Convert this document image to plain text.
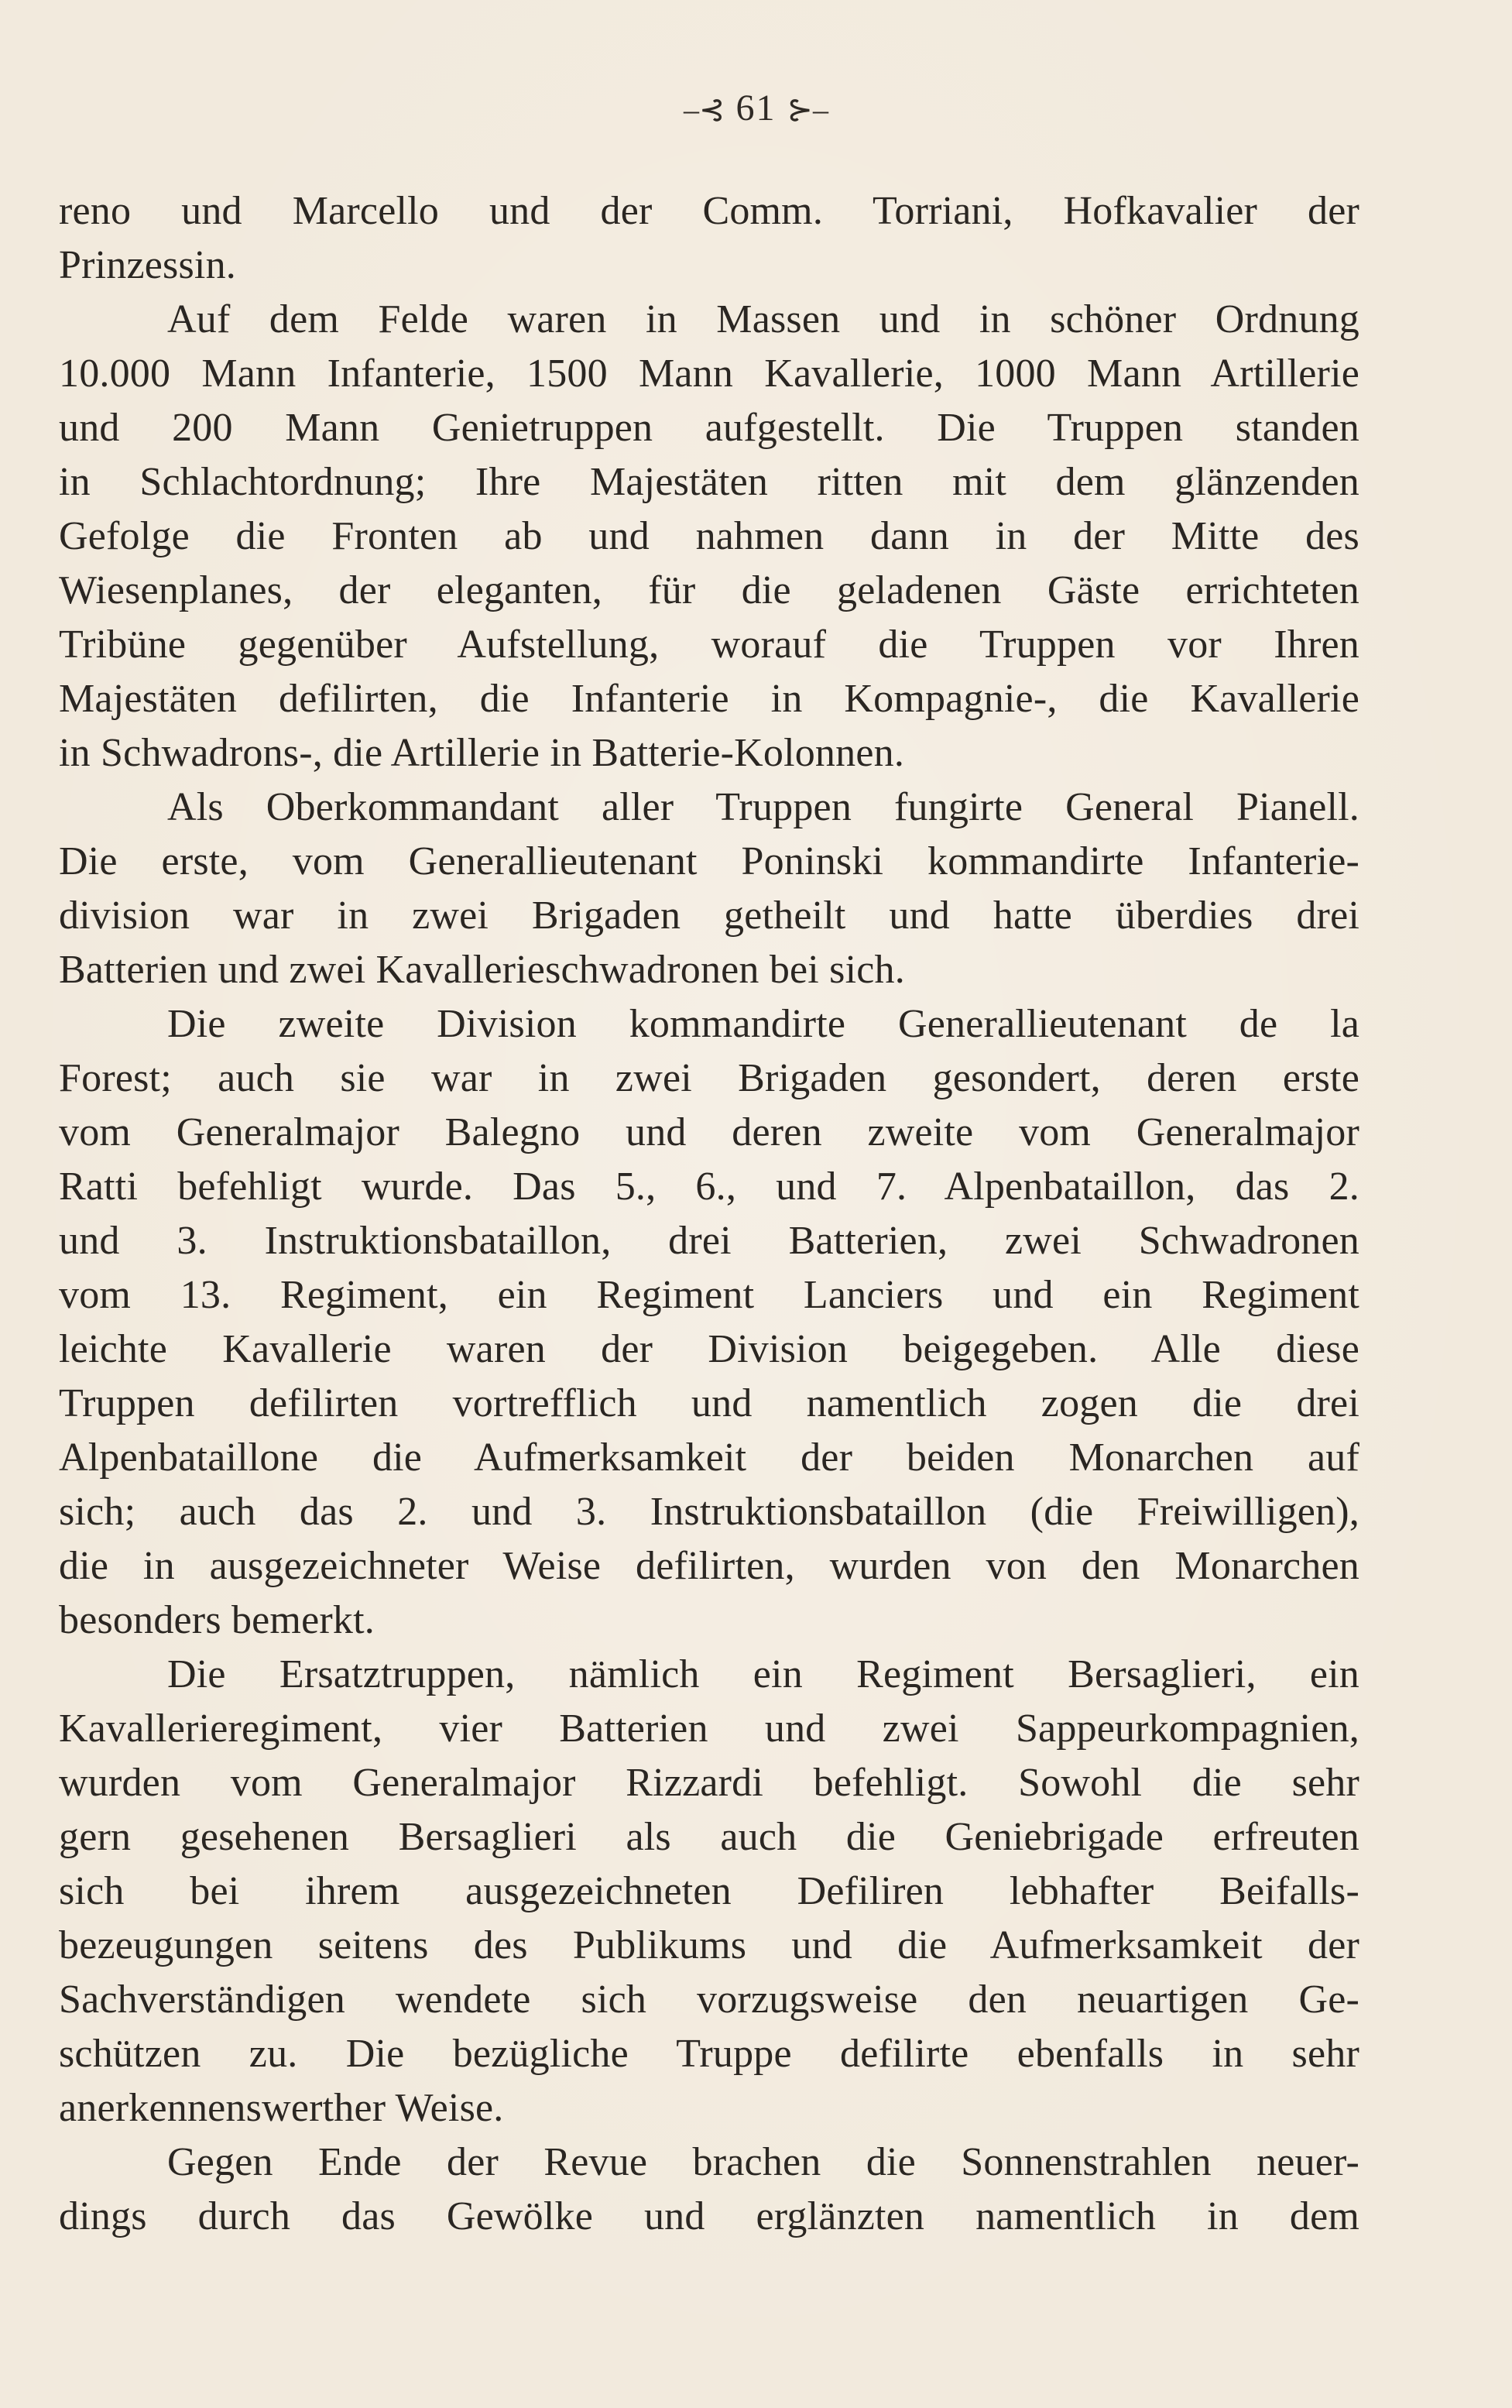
–⊰ 61 ⊱–
reno und Marcello und der Comm. Torriani, Hofkavalier der
Prinzessin.
Auf dem Felde waren in Massen und in schöner Ordnung
10.000 Mann Infanterie, 1500 Mann Kavallerie, 1000 Mann Artillerie
und 200 Mann Genietruppen aufgestellt. Die Truppen standen
in Schlachtordnung; Ihre Majestäten ritten mit dem glänzenden
Gefolge die Fronten ab und nahmen dann in der Mitte des
Wiesenplanes, der eleganten, für die geladenen Gäste errichteten
Tribüne gegenüber Aufstellung, worauf die Truppen vor Ihren
Majestäten defilirten, die Infanterie in Kompagnie-, die Kavallerie
in Schwadrons-, die Artillerie in Batterie-Kolonnen.
Als Oberkommandant aller Truppen fungirte General Pianell.
Die erste, vom Generallieutenant Poninski kommandirte Infanterie-
division war in zwei Brigaden getheilt und hatte überdies drei
Batterien und zwei Kavallerieschwadronen bei sich.
Die zweite Division kommandirte Generallieutenant de la
Forest; auch sie war in zwei Brigaden gesondert, deren erste
vom Generalmajor Balegno und deren zweite vom Generalmajor
Ratti befehligt wurde. Das 5., 6., und 7. Alpenbataillon, das 2.
und 3. Instruktionsbataillon, drei Batterien, zwei Schwadronen
vom 13. Regiment, ein Regiment Lanciers und ein Regiment
leichte Kavallerie waren der Division beigegeben. Alle diese
Truppen defilirten vortrefflich und namentlich zogen die drei
Alpenbataillone die Aufmerksamkeit der beiden Monarchen auf
sich; auch das 2. und 3. Instruktionsbataillon (die Freiwilligen),
die in ausgezeichneter Weise defilirten, wurden von den Monarchen
besonders bemerkt.
Die Ersatztruppen, nämlich ein Regiment Bersaglieri, ein
Kavallerieregiment, vier Batterien und zwei Sappeurkompagnien,
wurden vom Generalmajor Rizzardi befehligt. Sowohl die sehr
gern gesehenen Bersaglieri als auch die Geniebrigade erfreuten
sich bei ihrem ausgezeichneten Defiliren lebhafter Beifalls-
bezeugungen seitens des Publikums und die Aufmerksamkeit der
Sachverständigen wendete sich vorzugsweise den neuartigen Ge-
schützen zu. Die bezügliche Truppe defilirte ebenfalls in sehr
anerkennenswerther Weise.
Gegen Ende der Revue brachen die Sonnenstrahlen neuer-
dings durch das Gewölke und erglänzten namentlich in dem
